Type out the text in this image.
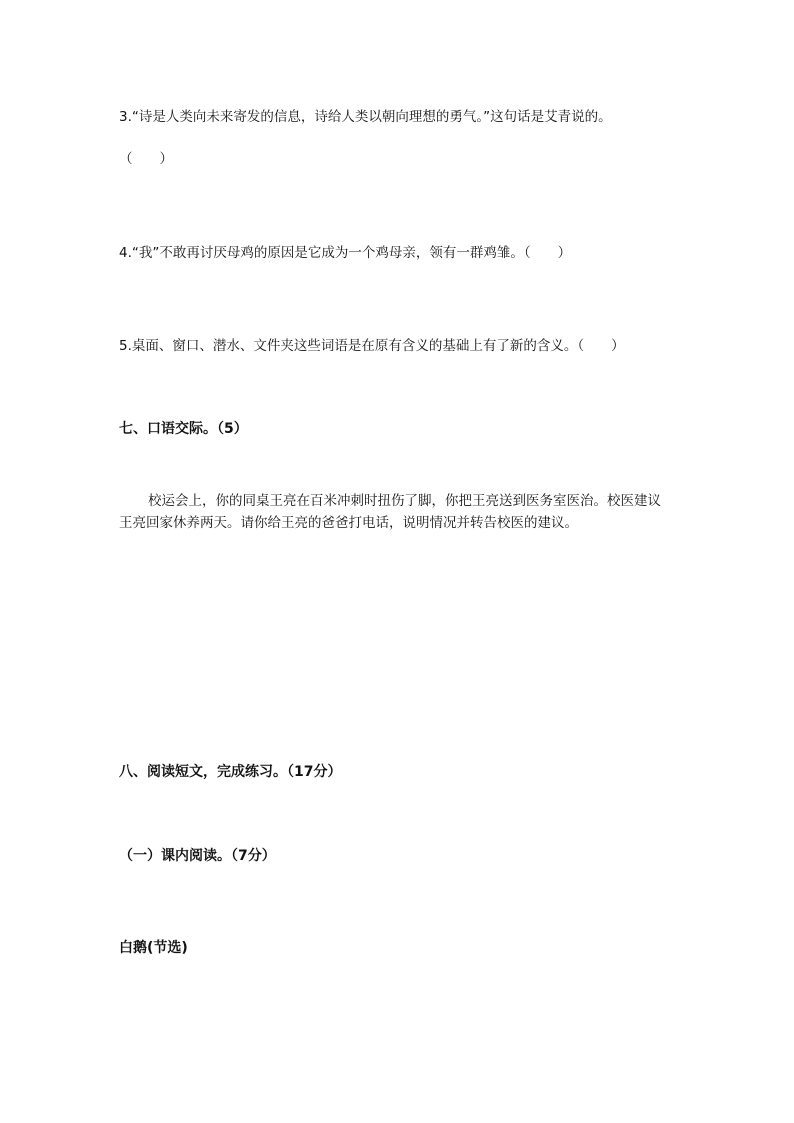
3.“诗是人类向未来寄发的信息，诗给人类以朝向理想的勇气。”这句话是艾青说的。
（　　）
4.“我”不敢再讨厌母鸡的原因是它成为一个鸡母亲，领有一群鸡雏。（　　）
5.桌面、窗口、潜水、文件夹这些词语是在原有含义的基础上有了新的含义。（　　）
七、口语交际。（5）
校运会上，你的同桌王亮在百米冲刺时扭伤了脚，你把王亮送到医务室医治。校医建议王亮回家休养两天。请你给王亮的爸爸打电话，说明情况并转告校医的建议。
八、阅读短文，完成练习。（17分）
（一）课内阅读。（7分）
白鹅(节选)
